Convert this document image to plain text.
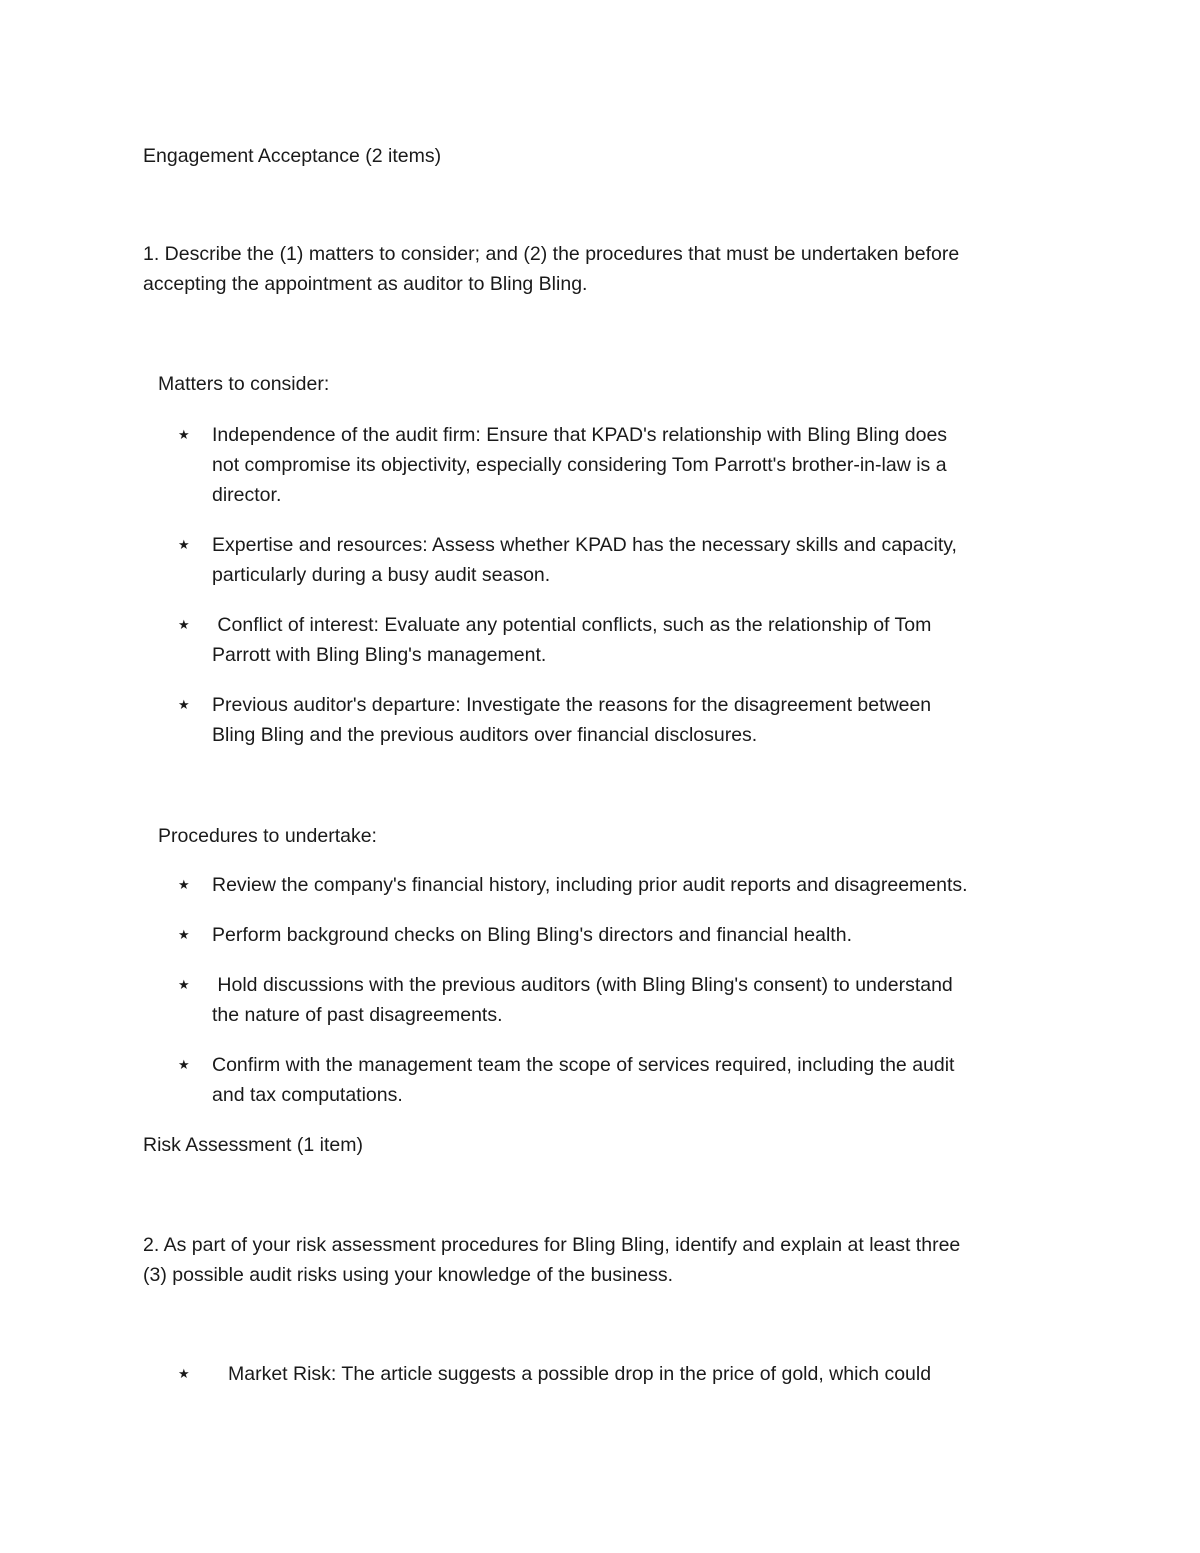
Engagement Acceptance (2 items)

1. Describe the (1) matters to consider; and (2) the procedures that must be undertaken before
accepting the appointment as auditor to Bling Bling.

Matters to consider:

★ Independence of the audit firm: Ensure that KPAD's relationship with Bling Bling does
not compromise its objectivity, especially considering Tom Parrott's brother-in-law is a
director.
★ Expertise and resources: Assess whether KPAD has the necessary skills and capacity,
particularly during a busy audit season.
★ Conflict of interest: Evaluate any potential conflicts, such as the relationship of Tom
Parrott with Bling Bling's management.
★ Previous auditor's departure: Investigate the reasons for the disagreement between
Bling Bling and the previous auditors over financial disclosures.

Procedures to undertake:

★ Review the company's financial history, including prior audit reports and disagreements.
★ Perform background checks on Bling Bling's directors and financial health.
★ Hold discussions with the previous auditors (with Bling Bling's consent) to understand
the nature of past disagreements.
★ Confirm with the management team the scope of services required, including the audit
and tax computations.

Risk Assessment (1 item)

2. As part of your risk assessment procedures for Bling Bling, identify and explain at least three
(3) possible audit risks using your knowledge of the business.
★ Market Risk: The article suggests a possible drop in the price of gold, which could
